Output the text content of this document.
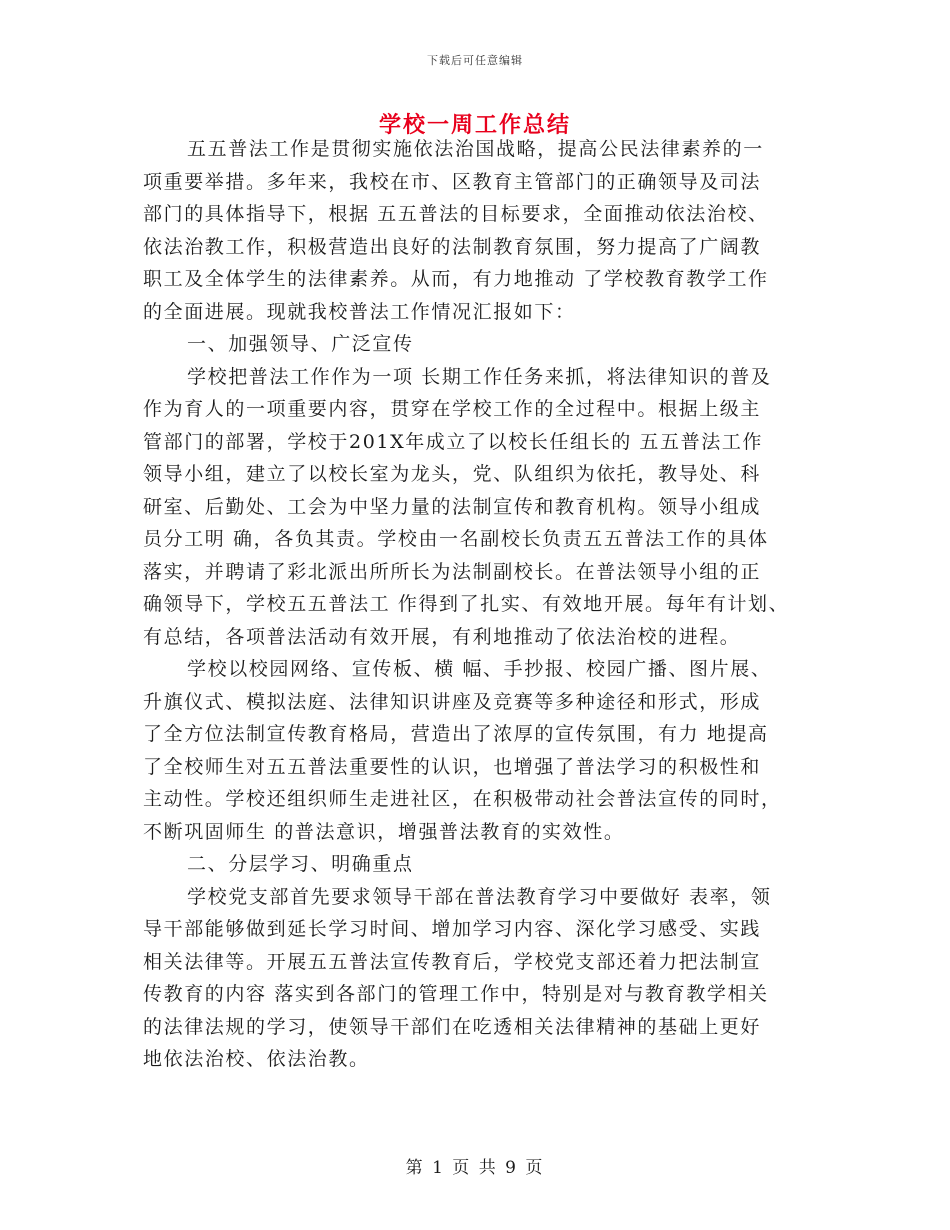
下载后可任意编辑
学校一周工作总结
五五普法工作是贯彻实施依法治国战略，提高公民法律素养的一
项重要举措。多年来，我校在市、区教育主管部门的正确领导及司法
部门的具体指导下，根据 五五普法的目标要求，全面推动依法治校、
依法治教工作，积极营造出良好的法制教育氛围，努力提高了广阔教
职工及全体学生的法律素养。从而，有力地推动 了学校教育教学工作
的全面进展。现就我校普法工作情况汇报如下：
一、加强领导、广泛宣传
学校把普法工作作为一项 长期工作任务来抓，将法律知识的普及
作为育人的一项重要内容，贯穿在学校工作的全过程中。根据上级主
管部门的部署，学校于201X年成立了以校长任组长的 五五普法工作
领导小组，建立了以校长室为龙头，党、队组织为依托，教导处、科
研室、后勤处、工会为中坚力量的法制宣传和教育机构。领导小组成
员分工明 确，各负其责。学校由一名副校长负责五五普法工作的具体
落实，并聘请了彩北派出所所长为法制副校长。在普法领导小组的正
确领导下，学校五五普法工 作得到了扎实、有效地开展。每年有计划、
有总结，各项普法活动有效开展，有利地推动了依法治校的进程。
学校以校园网络、宣传板、横 幅、手抄报、校园广播、图片展、
升旗仪式、模拟法庭、法律知识讲座及竞赛等多种途径和形式，形成
了全方位法制宣传教育格局，营造出了浓厚的宣传氛围，有力 地提高
了全校师生对五五普法重要性的认识，也增强了普法学习的积极性和
主动性。学校还组织师生走进社区，在积极带动社会普法宣传的同时，
不断巩固师生 的普法意识，增强普法教育的实效性。
二、分层学习、明确重点
学校党支部首先要求领导干部在普法教育学习中要做好 表率，领
导干部能够做到延长学习时间、增加学习内容、深化学习感受、实践
相关法律等。开展五五普法宣传教育后，学校党支部还着力把法制宣
传教育的内容 落实到各部门的管理工作中，特别是对与教育教学相关
的法律法规的学习，使领导干部们在吃透相关法律精神的基础上更好
地依法治校、依法治教。
第 1 页 共 9 页
